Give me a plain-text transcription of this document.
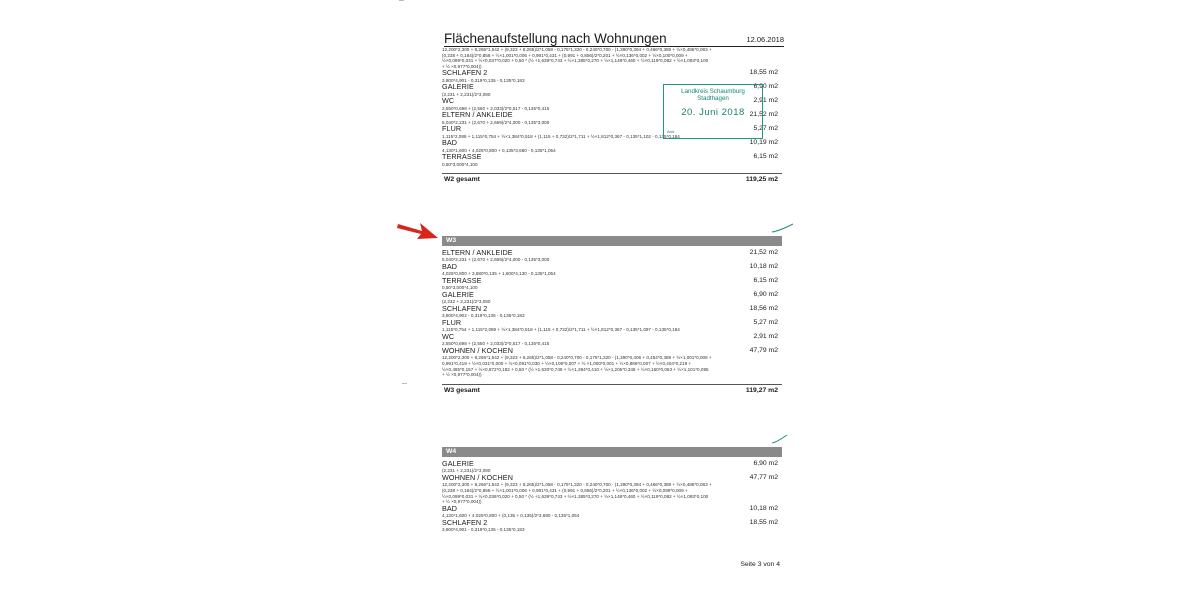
Flächenaufstellung nach Wohnungen	12.06.2018
12,200*2,300 + 8,265*1,542 + (9,323 + 8,265)/2*1,058 - 0,175*1,320 - 0,240*0,700 - (1,390*0,394 + 0,466*0,389 + ½×0,486*0,083 + (0,238 + 0,184)/2*0,858 + ½×1,001*0,006 + 0,991*0,431 + (0,991 + 0,856)/2*0,201 + ½×0,136*0,002 + ½×0,100*0,009 + ½×0,099*0,031 + ½×0,037*0,020 + 0,50 * (½ +1,639*0,743 + ½×1,385*0,270 + ½×1,148*0,460 + ½×0,119*0,082 + ½×1,093*0,100 + ½ ×0,977*0,004))
SCHLAFEN 2	18,55 m2
3,800*4,901 - 0,319*0,135 - 0,135*0,183
GALERIE	6,90 m2
(2,231 + 2,231)/2*3,090
WC	2,91 m2
2,550*0,698 + (2,550 + 2,033)/2*0,517 - 0,135*0,415
ELTERN / ANKLEIDE	21,52 m2
5,040*2,231 + (2,670 + 2,669)/2*4,000 - 0,135*3,000
FLUR	5,27 m2
1,115*2,089 + 1,115*0,754 + ½×1,384*0,518 + (1,115 + 0,732)/2*1,711 + ½×1,812*0,367 - 0,135*1,102 - 0,135*0,184
BAD	10,19 m2
4,130*1,600 + 4,025*0,800 + 0,135*3,680 - 0,135*1,054
TERRASSE	6,15 m2
0,50*3,000*4,100
W2 gesamt	119,25 m2
W3
ELTERN / ANKLEIDE	21,52 m2
5,040*2,231 + (2,670 + 2,669)/2*4,000 - 0,135*3,000
BAD	10,18 m2
4,025*0,800 + 3,680*0,135 + 1,600*4,130 - 0,135*1,054
TERRASSE	6,15 m2
0,50*3,000*4,100
GALERIE	6,90 m2
(2,232 + 2,231)/2*3,090
SCHLAFEN 2	18,56 m2
3,800*4,902 - 0,319*0,135 - 0,135*0,183
FLUR	5,27 m2
1,115*0,754 + 1,115*2,089 + ½×1,384*0,518 + (1,115 + 0,732)/2*1,711 + ½×1,812*0,367 - 0,135*1,097 - 0,135*0,184
WC	2,91 m2
2,550*0,698 + (2,550 + 2,033)/2*0,517 - 0,135*0,415
WOHNEN / KOCHEN	47,79 m2
12,200*2,300 + 8,265*1,542 + (9,323 + 8,265)/2*1,058 - 0,240*0,700 - 0,175*1,320 - (1,390*0,406 + 0,454*0,389 + ½×1,001*0,006 + 0,991*0,419 + ½×0,031*0,000 + ½×0,091*0,030 + ½×0,109*0,007 + ½ ×1,000*0,001 + ½×0,886*0,007 + ½×0,404*0,219 + ½×0,485*0,157 + ½×0,872*0,182 + 0,50 * (½ ×1,630*0,749 + ½×1,394*0,410 + ½×1,205*0,345 + ½×0,160*0,063 + ½×1,101*0,095 + ½ ×0,977*0,004))
W3 gesamt	119,27 m2
W4
GALERIE	6,90 m2
(2,231 + 2,231)/2*3,090
WOHNEN / KOCHEN	47,77 m2
12,200*2,300 + 8,265*1,542 + (9,323 + 8,265)/2*1,058 - 0,175*1,320 - 0,240*0,700 - (1,390*0,394 + 0,466*0,389 + ½×0,486*0,083 + (0,238 + 0,184)/2*0,858 + ½×1,001*0,006 + 0,991*0,431 + (0,991 + 0,856)/2*0,201 + ½×0,136*0,002 + ½×0,099*0,009 + ½×0,099*0,031 + ½×0,036*0,020 + 0,50 * (½ +1,639*0,743 + ½×1,385*0,270 + ½×1,148*0,460 + ½×0,119*0,082 + ½×1,093*0,100 + ½ ×0,977*0,004))
BAD	10,18 m2
4,130*1,600 + 4,025*0,800 + (0,135 + 0,135)/2*3,680 - 0,135*1,054
SCHLAFEN 2	18,55 m2
3,800*4,901 - 0,319*0,135 - 0,135*0,183
Landkreis Schaumburg
Stadthagen
20. Juni 2018
Amt
Seite 3 von 4
